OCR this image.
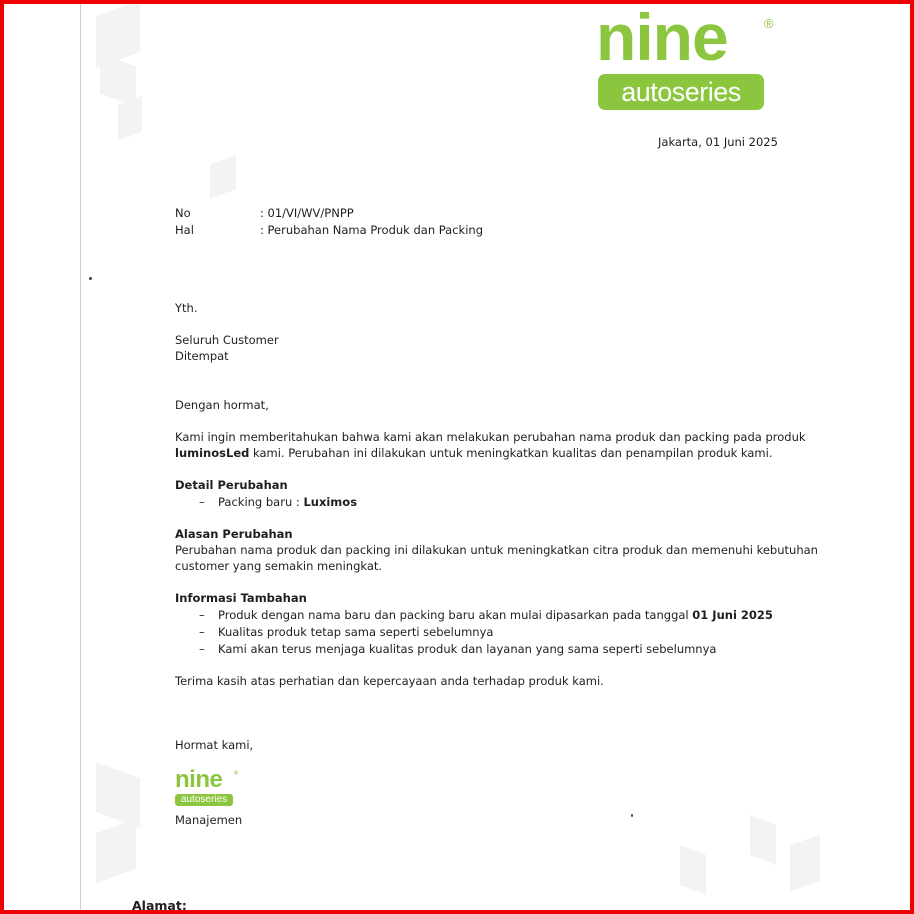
nine	®
autoseries
Jakarta, 01 Juni 2025
No	: 01/VI/WV/PNPP
Hal	: Perubahan Nama Produk dan Packing
Yth.
Seluruh Customer
Ditempat
Dengan hormat,
Kami ingin memberitahukan bahwa kami akan melakukan perubahan nama produk dan packing pada produk
luminosLed kami. Perubahan ini dilakukan untuk meningkatkan kualitas dan penampilan produk kami.
Detail Perubahan
– Packing baru : Luximos
Alasan Perubahan
Perubahan nama produk dan packing ini dilakukan untuk meningkatkan citra produk dan memenuhi kebutuhan
customer yang semakin meningkat.
Informasi Tambahan
– Produk dengan nama baru dan packing baru akan mulai dipasarkan pada tanggal 01 Juni 2025
– Kualitas produk tetap sama seperti sebelumnya
– Kami akan terus menjaga kualitas produk dan layanan yang sama seperti sebelumnya
Terima kasih atas perhatian dan kepercayaan anda terhadap produk kami.
Hormat kami,
nine ®
autoseries
Manajemen
Alamat:
